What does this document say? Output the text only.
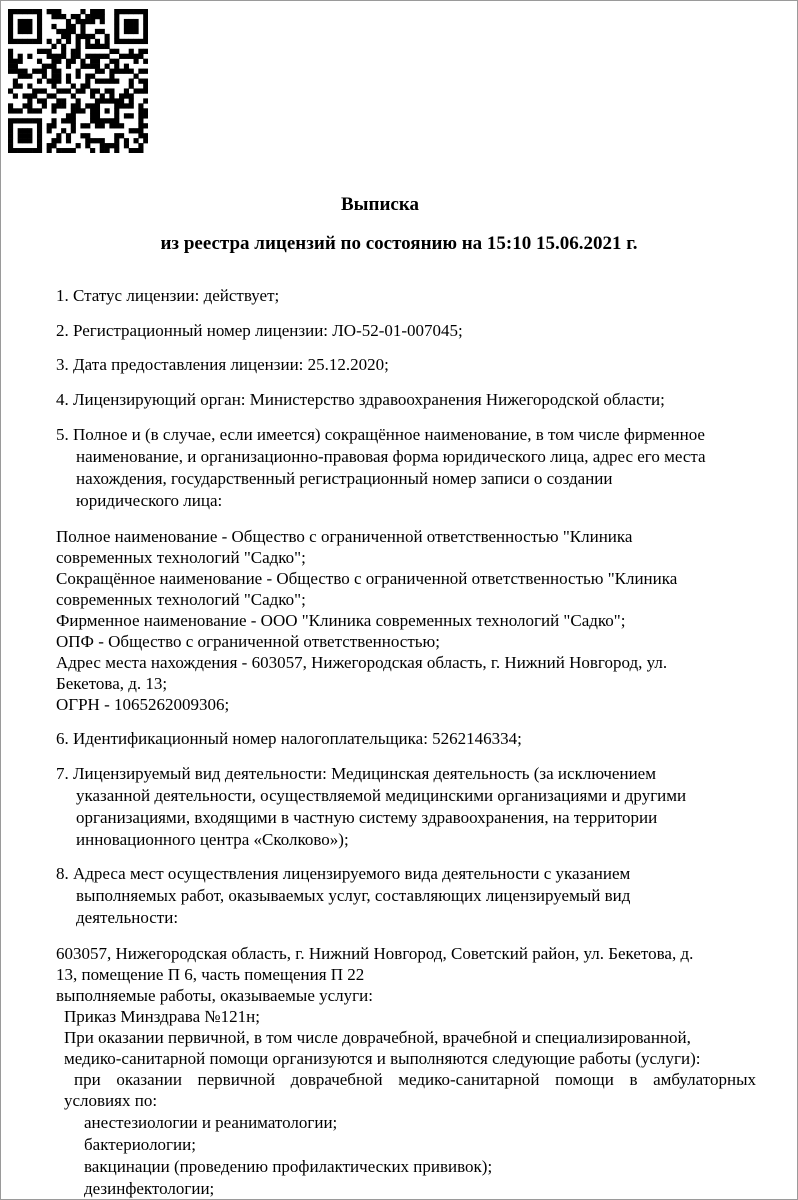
Выписка
из реестра лицензий по состоянию на 15:10 15.06.2021 г.
1. Статус лицензии: действует;
2. Регистрационный номер лицензии: ЛО-52-01-007045;
3. Дата предоставления лицензии: 25.12.2020;
4. Лицензирующий орган: Министерство здравоохранения Нижегородской области;
5. Полное и (в случае, если имеется) сокращённое наименование, в том числе фирменное
наименование, и организационно-правовая форма юридического лица, адрес его места
нахождения, государственный регистрационный номер записи о создании
юридического лица:
Полное наименование - Общество с ограниченной ответственностью "Клиника
современных технологий "Садко";
Сокращённое наименование - Общество с ограниченной ответственностью "Клиника
современных технологий "Садко";
Фирменное наименование - ООО "Клиника современных технологий "Садко";
ОПФ - Общество с ограниченной ответственностью;
Адрес места нахождения - 603057, Нижегородская область, г. Нижний Новгород, ул.
Бекетова, д. 13;
ОГРН - 1065262009306;
6. Идентификационный номер налогоплательщика: 5262146334;
7. Лицензируемый вид деятельности: Медицинская деятельность (за исключением
указанной деятельности, осуществляемой медицинскими организациями и другими
организациями, входящими в частную систему здравоохранения, на территории
инновационного центра «Сколково»);
8. Адреса мест осуществления лицензируемого вида деятельности с указанием
выполняемых работ, оказываемых услуг, составляющих лицензируемый вид
деятельности:
603057, Нижегородская область, г. Нижний Новгород, Советский район, ул. Бекетова, д.
13, помещение П 6, часть помещения П 22
выполняемые работы, оказываемые услуги:
Приказ Минздрава №121н;
При оказании первичной, в том числе доврачебной, врачебной и специализированной,
медико-санитарной помощи организуются и выполняются следующие работы (услуги):
при оказании первичной доврачебной медико-санитарной помощи в амбулаторных
условиях по:
анестезиологии и реаниматологии;
бактериологии;
вакцинации (проведению профилактических прививок);
дезинфектологии;
